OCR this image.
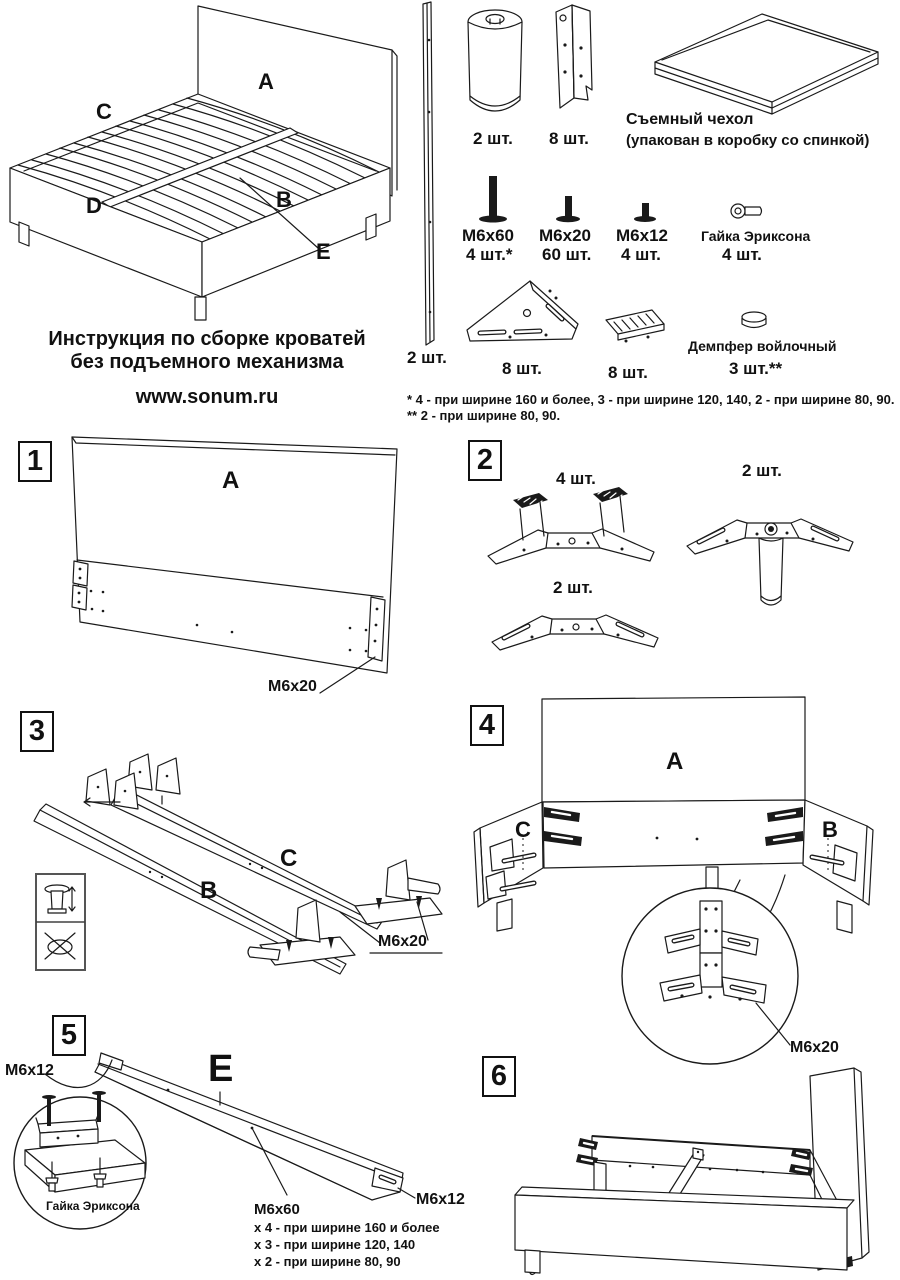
A
C
D	B
E
Инструкция по сборке кроватей
без подъемного механизма
www.sonum.ru
2 шт.
2 шт. 8 шт.
Съемный чехол
(упакован в коробку со спинкой)
М6х60
4 шт.*
М6х20
60 шт.
М6х12
4 шт.
Гайка Эриксона
4 шт.
8 шт.	8 шт.
Демпфер войлочный
3 шт.**
* 4 - при ширине 160 и более, 3 - при ширине 120, 140, 2 - при ширине 80, 90.
** 2 - при ширине 80, 90.
1
A
M6x20
2
4 шт.
2 шт.
2 шт.
3
B
C
M6x20
4
A
C	B
M6x20
5
M6x12	E
Гайка Эриксона	M6x60
x 4 - при ширине 160 и более
x 3 - при ширине 120, 140
x 2 - при ширине 80, 90
M6x12
6
